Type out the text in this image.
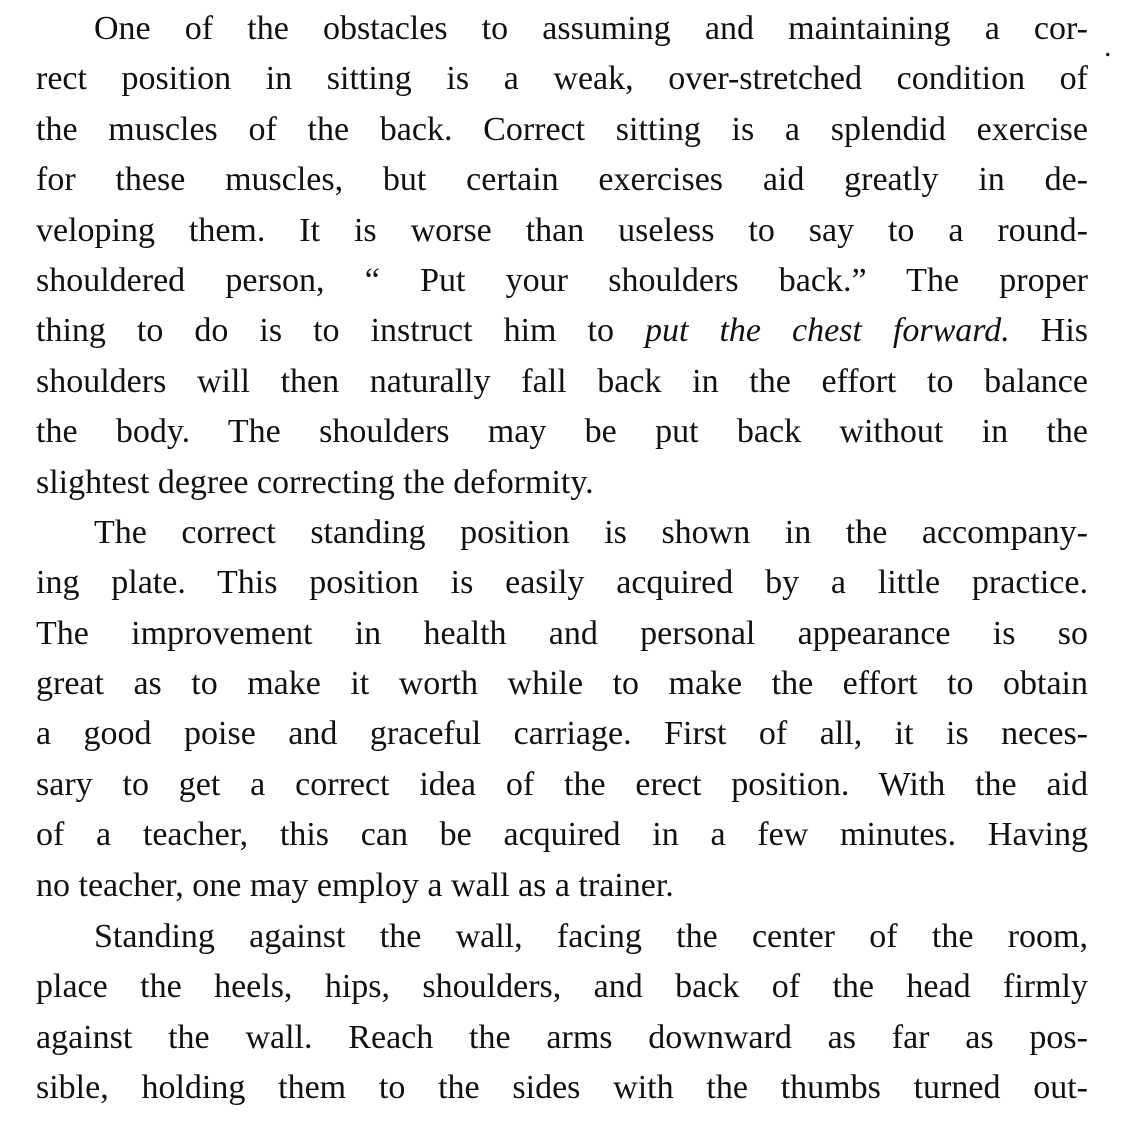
One of the obstacles to assuming and maintaining a cor-
rect position in sitting is a weak, over-stretched condition of
the muscles of the back. Correct sitting is a splendid exercise
for these muscles, but certain exercises aid greatly in de-
veloping them. It is worse than useless to say to a round-
shouldered person, “ Put your shoulders back.” The proper
thing to do is to instruct him to put the chest forward. His
shoulders will then naturally fall back in the effort to balance
the body. The shoulders may be put back without in the
slightest degree correcting the deformity.
The correct standing position is shown in the accompany-
ing plate. This position is easily acquired by a little practice.
The improvement in health and personal appearance is so
great as to make it worth while to make the effort to obtain
a good poise and graceful carriage. First of all, it is neces-
sary to get a correct idea of the erect position. With the aid
of a teacher, this can be acquired in a few minutes. Having
no teacher, one may employ a wall as a trainer.
Standing against the wall, facing the center of the room,
place the heels, hips, shoulders, and back of the head firmly
against the wall. Reach the arms downward as far as pos-
sible, holding them to the sides with the thumbs turned out-
.
